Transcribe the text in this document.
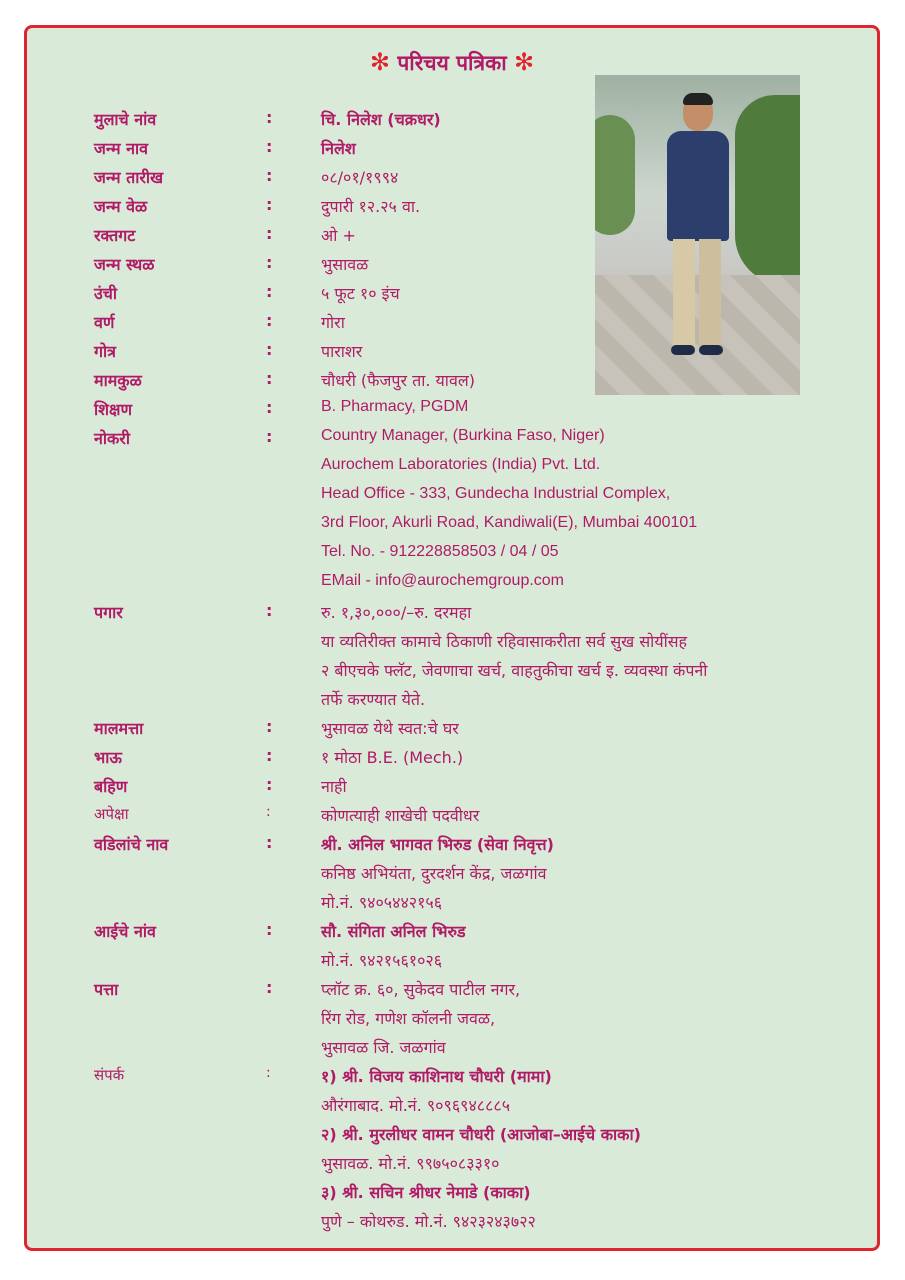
✻ परिचय पत्रिका ✻
मुलाचे नांव	:	चि. निलेश (चक्रधर)
जन्म नाव	:	निलेश
जन्म तारीख	:	०८/०१/१९९४
जन्म वेळ	:	दुपारी १२.२५ वा.
रक्तगट	:	ओ +
जन्म स्थळ	:	भुसावळ
उंची	:	५ फूट १० इंच
वर्ण	:	गोरा
गोत्र	:	पाराशर
मामकुळ	:	चौधरी (फैजपुर ता. यावल)
शिक्षण	:	B. Pharmacy, PGDM
नोकरी	:	Country Manager, (Burkina Faso, Niger)
Aurochem Laboratories (India) Pvt. Ltd.
Head Office - 333, Gundecha Industrial Complex,
3rd Floor, Akurli Road, Kandiwali(E), Mumbai 400101
Tel. No. - 912228858503 / 04 / 05
EMail - info@aurochemgroup.com
पगार	:	रु. १,३०,०००/–रु. दरमहा
या व्यतिरीक्त कामाचे ठिकाणी रहिवासाकरीता सर्व सुख सोयींसह
२ बीएचके फ्लॅट, जेवणाचा खर्च, वाहतुकीचा खर्च इ. व्यवस्था कंपनी
तर्फे करण्यात येते.
मालमत्ता	:	भुसावळ येथे स्वत:चे घर
भाऊ	:	१ मोठा B.E. (Mech.)
बहिण	:	नाही
अपेक्षा	:	कोणत्याही शाखेची पदवीधर
वडिलांचे नाव	:	श्री. अनिल भागवत भिरुड (सेवा निवृत्त)
कनिष्ठ अभियंता, दुरदर्शन केंद्र, जळगांव
मो.नं. ९४०५४४२१५६
आईचे नांव	:	सौ. संगिता अनिल भिरुड
मो.नं. ९४२१५६१०२६
पत्ता	:	प्लॉट क्र. ६०, सुकेदव पाटील नगर,
रिंग रोड, गणेश कॉलनी जवळ,
भुसावळ जि. जळगांव
संपर्क	:	१) श्री. विजय काशिनाथ चौधरी (मामा)
औरंगाबाद. मो.नं. ९०९६९४८८८५
२) श्री. मुरलीधर वामन चौधरी (आजोबा–आईचे काका)
भुसावळ. मो.नं. ९९७५०८३३१०
३) श्री. सचिन श्रीधर नेमाडे (काका)
पुणे – कोथरुड. मो.नं. ९४२३२४३७२२
